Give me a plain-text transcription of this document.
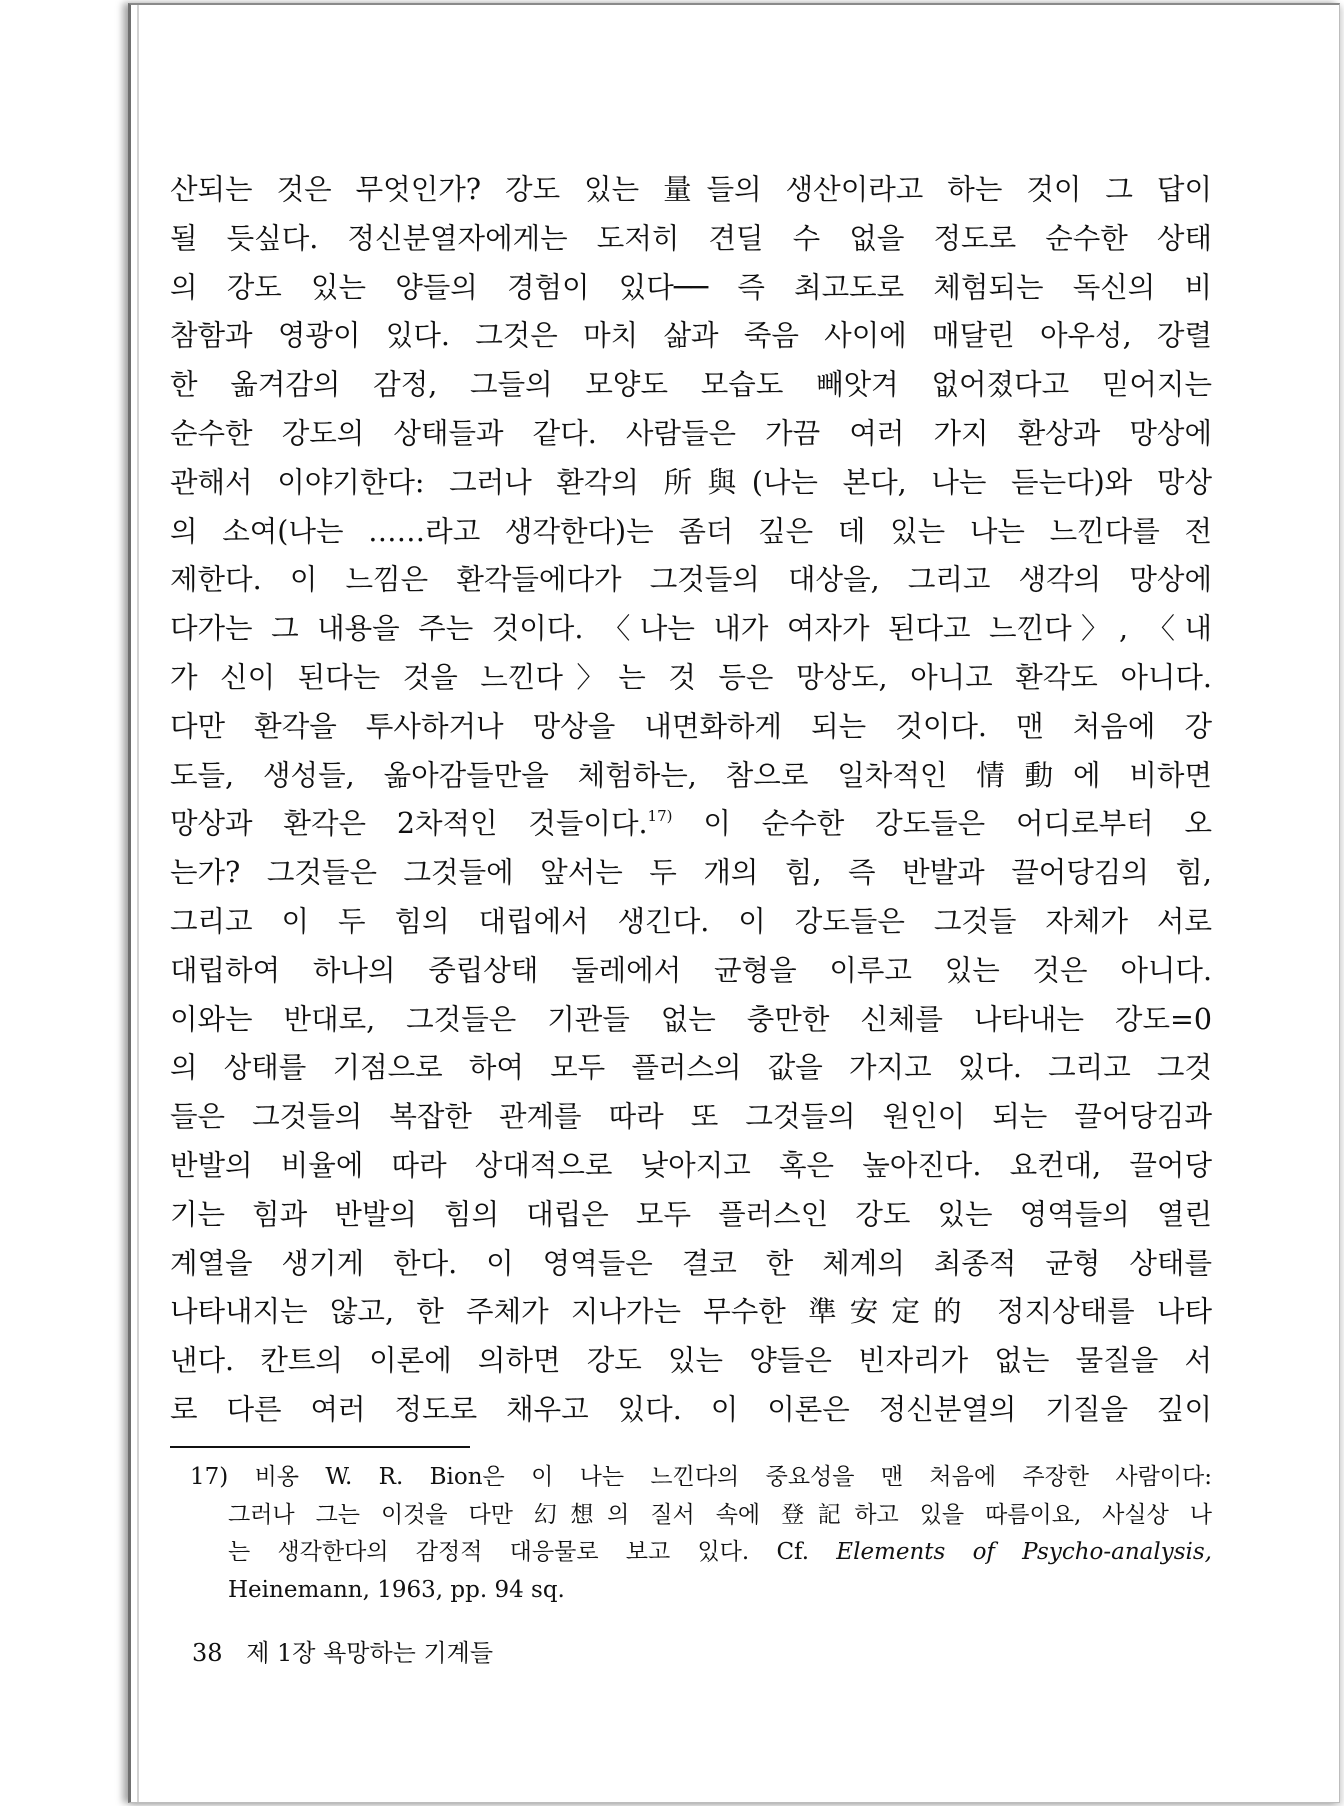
산되는 것은 무엇인가? 강도 있는 量들의 생산이라고 하는 것이 그 답이
될 듯싶다. 정신분열자에게는 도저히 견딜 수 없을 정도로 순수한 상태
의 강도 있는 양들의 경험이 있다── 즉 최고도로 체험되는 독신의 비
참함과 영광이 있다. 그것은 마치 삶과 죽음 사이에 매달린 아우성, 강렬
한 옮겨감의 감정, 그들의 모양도 모습도 빼앗겨 없어졌다고 믿어지는
순수한 강도의 상태들과 같다. 사람들은 가끔 여러 가지 환상과 망상에
관해서 이야기한다: 그러나 환각의 所與(나는 본다, 나는 듣는다)와 망상
의 소여(나는 ……라고 생각한다)는 좀더 깊은 데 있는 나는 느낀다를 전
제한다. 이 느낌은 환각들에다가 그것들의 대상을, 그리고 생각의 망상에
다가는 그 내용을 주는 것이다. 〈나는 내가 여자가 된다고 느낀다〉, 〈내
가 신이 된다는 것을 느낀다〉는 것 등은 망상도, 아니고 환각도 아니다.
다만 환각을 투사하거나 망상을 내면화하게 되는 것이다. 맨 처음에 강
도들, 생성들, 옮아감들만을 체험하는, 참으로 일차적인 情動에 비하면
망상과 환각은 2차적인 것들이다.$^{17)}$ 이 순수한 강도들은 어디로부터 오
는가? 그것들은 그것들에 앞서는 두 개의 힘, 즉 반발과 끌어당김의 힘,
그리고 이 두 힘의 대립에서 생긴다. 이 강도들은 그것들 자체가 서로
대립하여 하나의 중립상태 둘레에서 균형을 이루고 있는 것은 아니다.
이와는 반대로, 그것들은 기관들 없는 충만한 신체를 나타내는 강도=0
의 상태를 기점으로 하여 모두 플러스의 값을 가지고 있다. 그리고 그것
들은 그것들의 복잡한 관계를 따라 또 그것들의 원인이 되는 끌어당김과
반발의 비율에 따라 상대적으로 낮아지고 혹은 높아진다. 요컨대, 끌어당
기는 힘과 반발의 힘의 대립은 모두 플러스인 강도 있는 영역들의 열린
계열을 생기게 한다. 이 영역들은 결코 한 체계의 최종적 균형 상태를
나타내지는 않고, 한 주체가 지나가는 무수한 準安定的 정지상태를 나타
낸다. 칸트의 이론에 의하면 강도 있는 양들은 빈자리가 없는 물질을 서
로 다른 여러 정도로 채우고 있다. 이 이론은 정신분열의 기질을 깊이
17) 비옹 W. R. Bion은 이 나는 느낀다의 중요성을 맨 처음에 주장한 사람이다:
그러나 그는 이것을 다만 幻想의 질서 속에 登記하고 있을 따름이요, 사실상 나
는 생각한다의 감정적 대응물로 보고 있다. Cf. Elements of Psycho-analysis,
Heinemann, 1963, pp. 94 sq.
38 제 1장 욕망하는 기계들
